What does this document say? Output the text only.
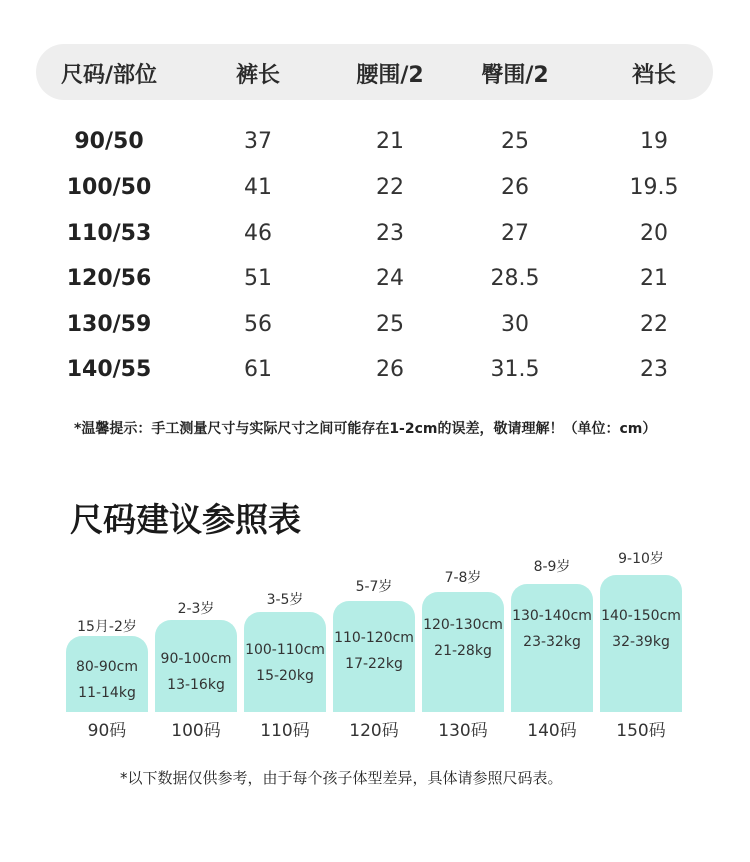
尺码/部位	裤长	腰围/2	臀围/2	裆长
90/50	37	21	25	19
100/50	41	22	26	19.5
110/53	46	23	27	20
120/56	51	24	28.5	21
130/59	56	25	30	22
140/55	61	26	31.5	23
*温馨提示：手工测量尺寸与实际尺寸之间可能存在1-2cm的误差，敬请理解！（单位：cm）
尺码建议参照表
15月-2岁
80-90cm
11-14kg
2-3岁
90-100cm
13-16kg
3-5岁
100-110cm
15-20kg
5-7岁
110-120cm
17-22kg
7-8岁
120-130cm
21-28kg
8-9岁
130-140cm
23-32kg
9-10岁
140-150cm
32-39kg
90码	100码 110码 120码 130码 140码 150码
*以下数据仅供参考，由于每个孩子体型差异，具体请参照尺码表。
